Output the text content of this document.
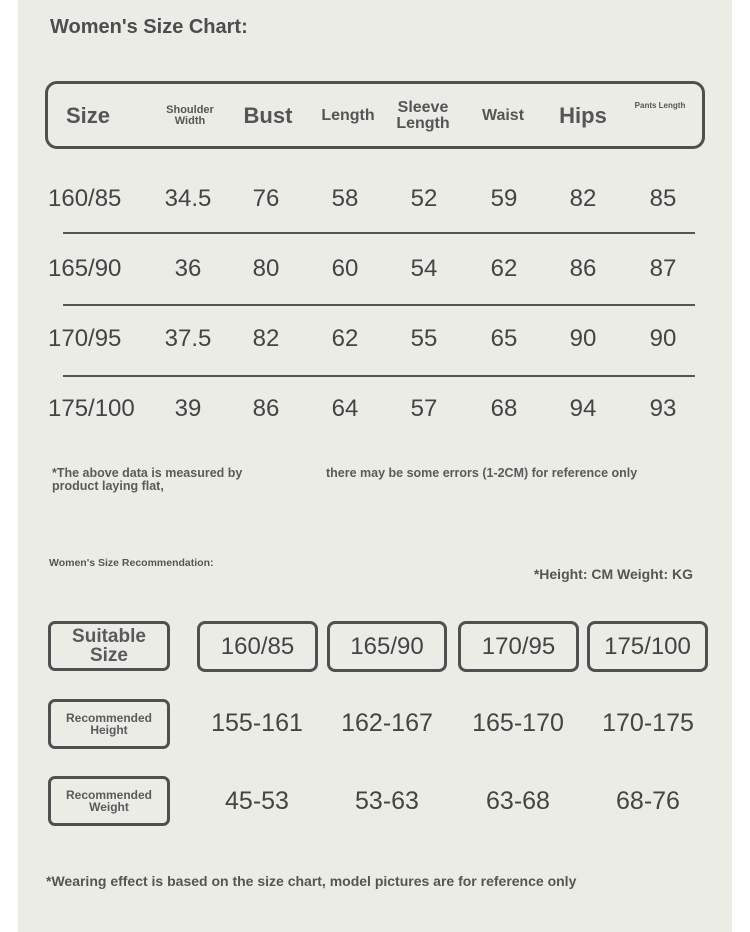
Women's Size Chart:
Size	Shoulder Width	Bust	Length	Sleeve Length	Waist	Hips	Pants Length
160/85 34.5 76 58 52 59 82 85
165/90 36 80 60 54 62 86 87
170/95 37.5 82 62 55 65 90 90
175/100 39 86 64 57 68 94 93
*The above data is measured by product laying flat,
there may be some errors (1-2CM) for reference only
Women's Size Recommendation:
*Height: CM Weight: KG
Suitable Size	160/85	165/90	170/95	175/100
Recommended Height	155-161 162-167 165-170 170-175
Recommended Weight	45-53	53-63	63-68	68-76
*Wearing effect is based on the size chart, model pictures are for reference only
